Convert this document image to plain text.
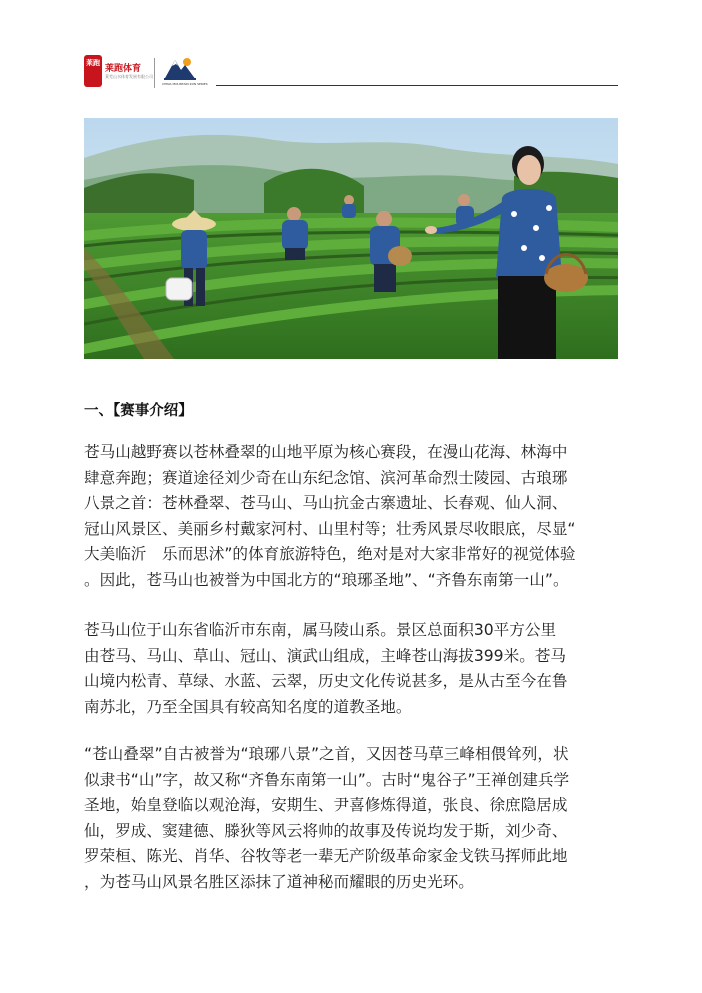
莱跑
莱跑体育
莱芜山水体育发展有限公司
CHINA MOUNTAIN RUN SERIES
一、【赛事介绍】
苍马山越野赛以苍林叠翠的山地平原为核心赛段，在漫山花海、林海中
肆意奔跑；赛道途径刘少奇在山东纪念馆、滨河革命烈士陵园、古琅琊
八景之首：苍林叠翠、苍马山、马山抗金古寨遗址、长春观、仙人洞、
冠山风景区、美丽乡村戴家河村、山里村等；壮秀风景尽收眼底，尽显“
大美临沂　乐而思沭”的体育旅游特色，绝对是对大家非常好的视觉体验
。因此，苍马山也被誉为中国北方的“琅琊圣地”、“齐鲁东南第一山”。
苍马山位于山东省临沂市东南，属马陵山系。景区总面积30平方公里
由苍马、马山、草山、冠山、演武山组成，主峰苍山海拔399米。苍马
山境内松青、草绿、水蓝、云翠，历史文化传说甚多，是从古至今在鲁
南苏北，乃至全国具有较高知名度的道教圣地。
“苍山叠翠”自古被誉为“琅琊八景”之首，又因苍马草三峰相偎耸列，状
似隶书“山”字，故又称“齐鲁东南第一山”。古时“鬼谷子”王禅创建兵学
圣地，始皇登临以观沧海，安期生、尹喜修炼得道，张良、徐庶隐居成
仙，罗成、窦建德、滕狄等风云将帅的故事及传说均发于斯，刘少奇、
罗荣桓、陈光、肖华、谷牧等老一辈无产阶级革命家金戈铁马挥师此地
，为苍马山风景名胜区添抹了道神秘而耀眼的历史光环。
